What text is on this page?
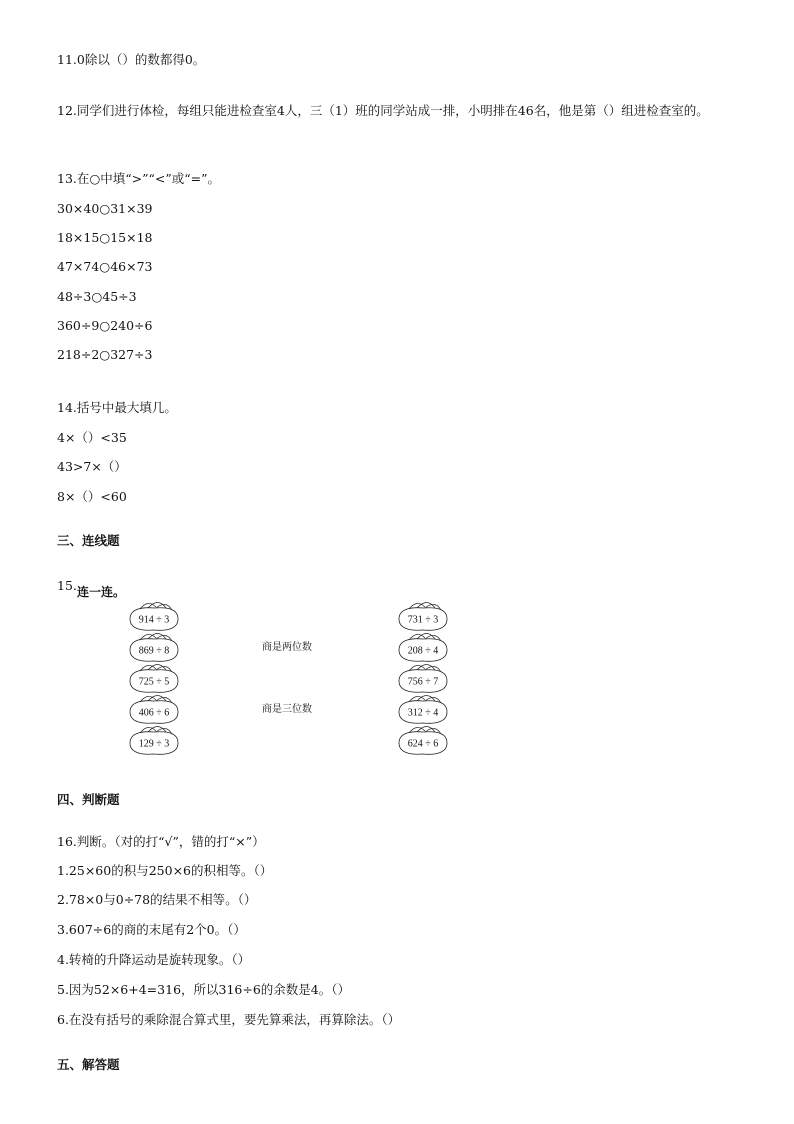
11.0除以（）的数都得0。
12.同学们进行体检，每组只能进检查室4人，三（1）班的同学站成一排，小明排在46名，他是第（）组进检查室的。
13.在○中填“>”“<”或“=”。
30×40○31×39
18×15○15×18
47×74○46×73
48÷3○45÷3
360÷9○240÷6
218÷2○327÷3
14.括号中最大填几。
4×（）<35
43>7×（）
8×（）<60
三、连线题
15. 连一连。
914 ÷ 3
869 ÷ 8
725 ÷ 5
406 ÷ 6
129 ÷ 3
731 ÷ 3
208 ÷ 4
756 ÷ 7
312 ÷ 4
624 ÷ 6
商是两位数
商是三位数
四、判断题
16.判断。（对的打“√”，错的打“×”）
1.25×60的积与250×6的积相等。（）
2.78×0与0÷78的结果不相等。（）
3.607÷6的商的末尾有2个0。（）
4.转椅的升降运动是旋转现象。（）
5.因为52×6+4=316，所以316÷6的余数是4。（）
6.在没有括号的乘除混合算式里，要先算乘法，再算除法。（）
五、解答题
